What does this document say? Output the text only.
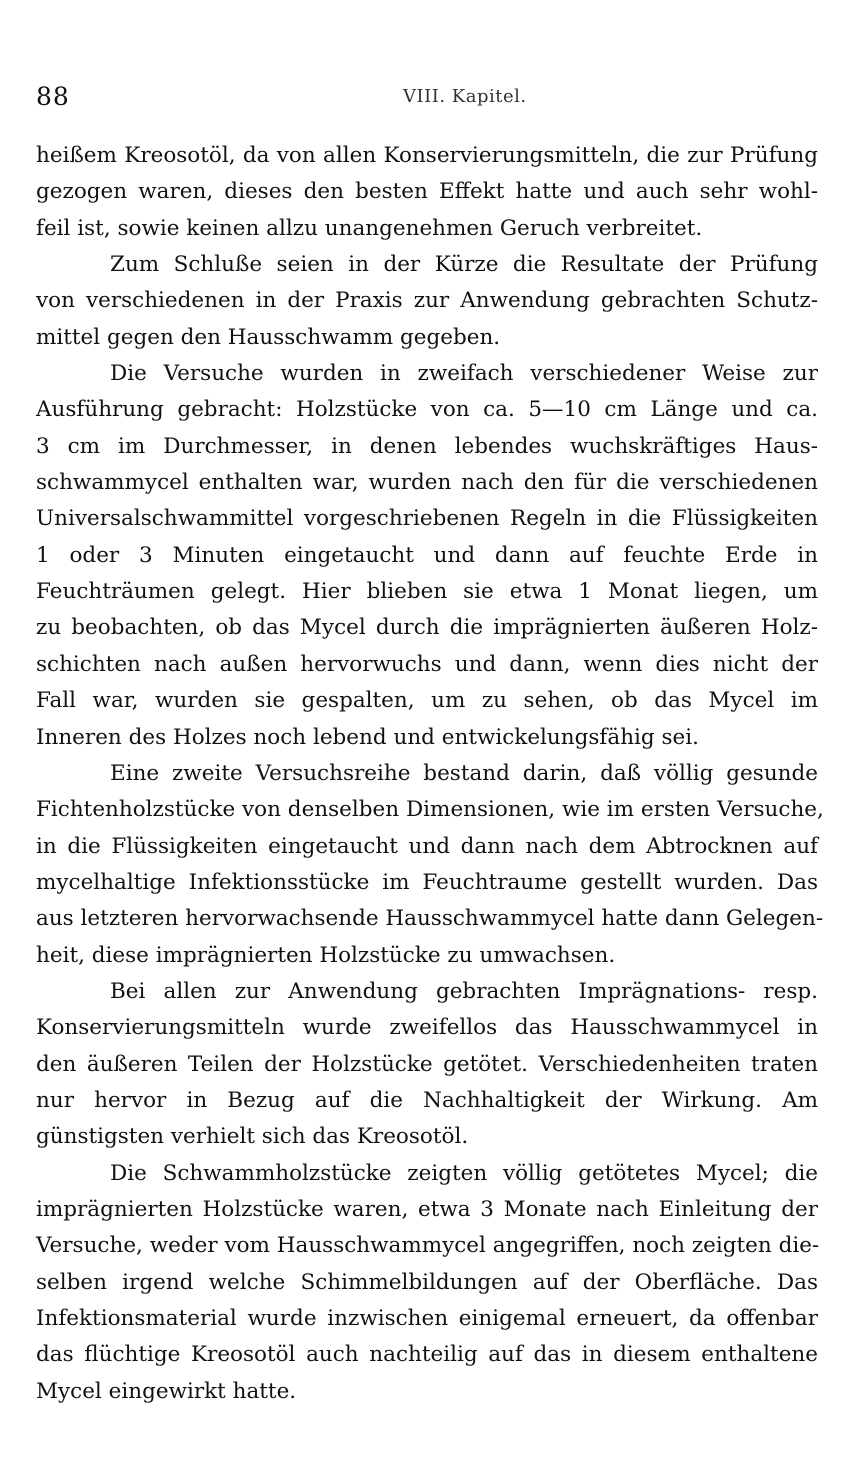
88	VIII. Kapitel.
heißem Kreosotöl, da von allen Konservierungsmitteln, die zur Prüfung
gezogen waren, dieses den besten Effekt hatte und auch sehr wohl-
feil ist, sowie keinen allzu unangenehmen Geruch verbreitet.
Zum Schluße seien in der Kürze die Resultate der Prüfung
von verschiedenen in der Praxis zur Anwendung gebrachten Schutz-
mittel gegen den Hausschwamm gegeben.
Die Versuche wurden in zweifach verschiedener Weise zur
Ausführung gebracht: Holzstücke von ca. 5—10 cm Länge und ca.
3 cm im Durchmesser, in denen lebendes wuchskräftiges Haus-
schwammycel enthalten war, wurden nach den für die verschiedenen
Universalschwammittel vorgeschriebenen Regeln in die Flüssigkeiten
1 oder 3 Minuten eingetaucht und dann auf feuchte Erde in
Feuchträumen gelegt. Hier blieben sie etwa 1 Monat liegen, um
zu beobachten, ob das Mycel durch die imprägnierten äußeren Holz-
schichten nach außen hervorwuchs und dann, wenn dies nicht der
Fall war, wurden sie gespalten, um zu sehen, ob das Mycel im
Inneren des Holzes noch lebend und entwickelungsfähig sei.
Eine zweite Versuchsreihe bestand darin, daß völlig gesunde
Fichtenholzstücke von denselben Dimensionen, wie im ersten Versuche,
in die Flüssigkeiten eingetaucht und dann nach dem Abtrocknen auf
mycelhaltige Infektionsstücke im Feuchtraume gestellt wurden. Das
aus letzteren hervorwachsende Hausschwammycel hatte dann Gelegen-
heit, diese imprägnierten Holzstücke zu umwachsen.
Bei allen zur Anwendung gebrachten Imprägnations- resp.
Konservierungsmitteln wurde zweifellos das Hausschwammycel in
den äußeren Teilen der Holzstücke getötet. Verschiedenheiten traten
nur hervor in Bezug auf die Nachhaltigkeit der Wirkung. Am
günstigsten verhielt sich das Kreosotöl.
Die Schwammholzstücke zeigten völlig getötetes Mycel; die
imprägnierten Holzstücke waren, etwa 3 Monate nach Einleitung der
Versuche, weder vom Hausschwammycel angegriffen, noch zeigten die-
selben irgend welche Schimmelbildungen auf der Oberfläche. Das
Infektionsmaterial wurde inzwischen einigemal erneuert, da offenbar
das flüchtige Kreosotöl auch nachteilig auf das in diesem enthaltene
Mycel eingewirkt hatte.
